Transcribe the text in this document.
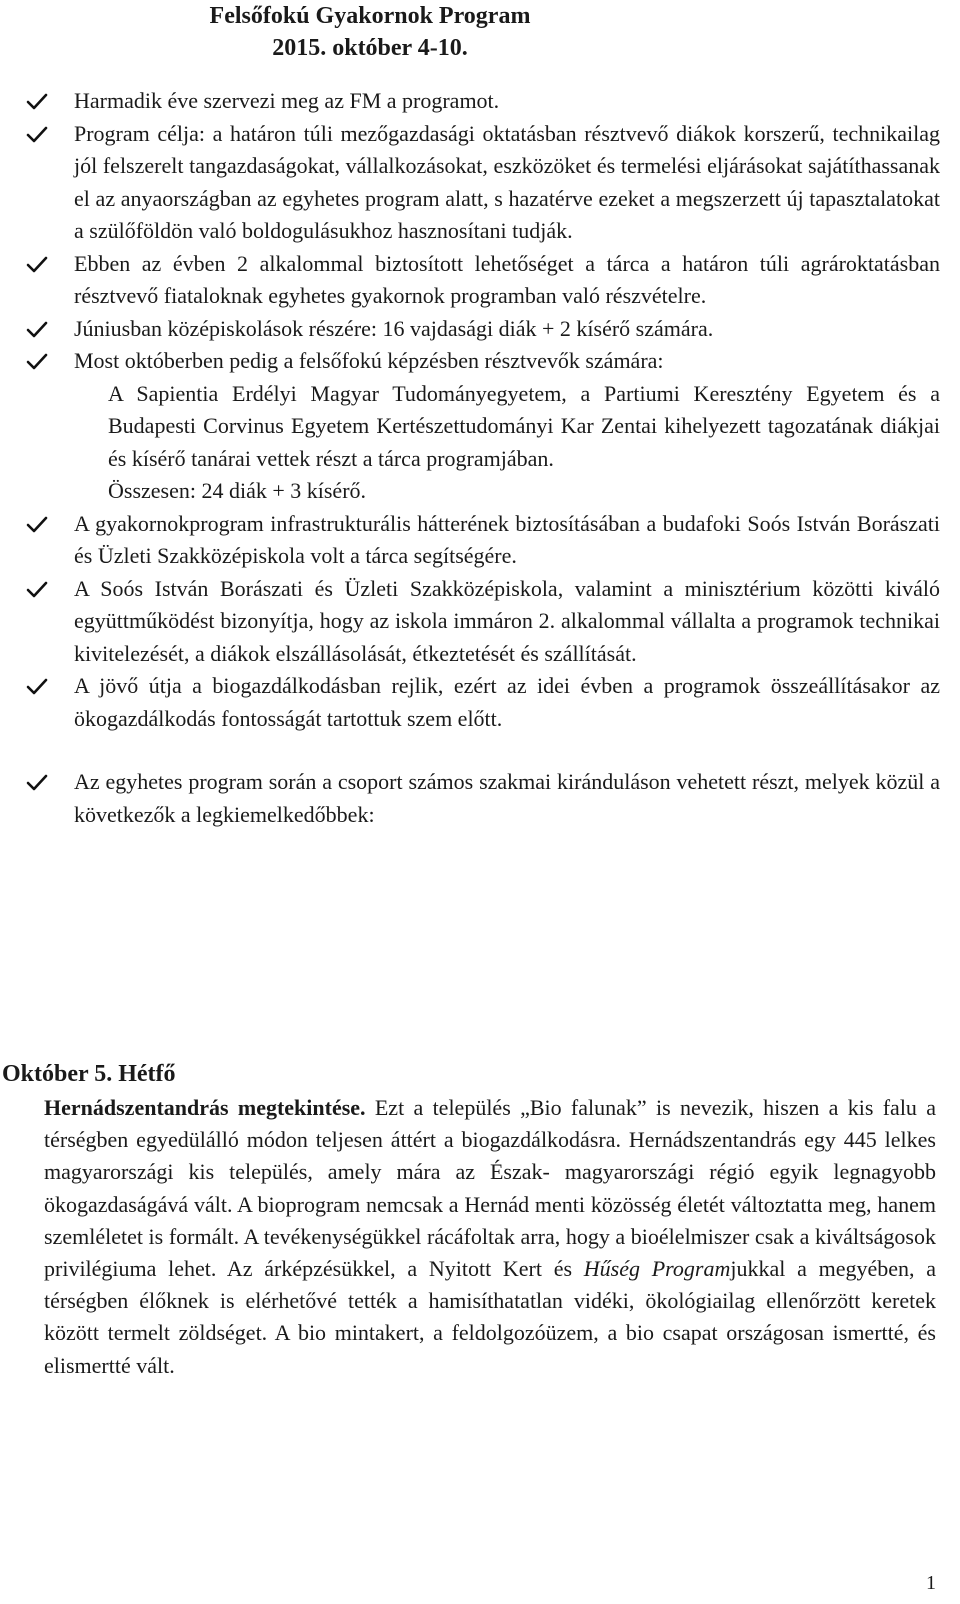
Felsőfokú Gyakornok Program
2015. október 4-10.
Harmadik éve szervezi meg az FM a programot.
Program célja: a határon túli mezőgazdasági oktatásban résztvevő diákok korszerű, technikailag jól felszerelt tangazdaságokat, vállalkozásokat, eszközöket és termelési eljárásokat sajátíthassanak el az anyaországban az egyhetes program alatt, s hazatérve ezeket a megszerzett új tapasztalatokat a szülőföldön való boldogulásukhoz hasznosítani tudják.
Ebben az évben 2 alkalommal biztosított lehetőséget a tárca a határon túli agrároktatásban résztvevő fiataloknak egyhetes gyakornok programban való részvételre.
Júniusban középiskolások részére: 16 vajdasági diák + 2 kísérő számára.
Most októberben pedig a felsőfokú képzésben résztvevők számára:
A Sapientia Erdélyi Magyar Tudományegyetem, a Partiumi Keresztény Egyetem és a Budapesti Corvinus Egyetem Kertészettudományi Kar Zentai kihelyezett tagozatának diákjai és kísérő tanárai vettek részt a tárca programjában.
Összesen: 24 diák + 3 kísérő.
A gyakornokprogram infrastrukturális hátterének biztosításában a budafoki Soós István Borászati és Üzleti Szakközépiskola volt a tárca segítségére.
A Soós István Borászati és Üzleti Szakközépiskola, valamint a minisztérium közötti kiváló együttműködést bizonyítja, hogy az iskola immáron 2. alkalommal vállalta a programok technikai kivitelezését, a diákok elszállásolását, étkeztetését és szállítását.
A jövő útja a biogazdálkodásban rejlik, ezért az idei évben a programok összeállításakor az ökogazdálkodás fontosságát tartottuk szem előtt.
Az egyhetes program során a csoport számos szakmai kiránduláson vehetett részt, melyek közül a következők a legkiemelkedőbbek:
Október 5. Hétfő
Hernádszentandrás megtekintése. Ezt a település „Bio falunak” is nevezik, hiszen a kis falu a térségben egyedülálló módon teljesen áttért a biogazdálkodásra. Hernádszentandrás egy 445 lelkes magyarországi kis település, amely mára az Észak- magyarországi régió egyik legnagyobb ökogazdaságává vált. A bioprogram nemcsak a Hernád menti közösség életét változtatta meg, hanem szemléletet is formált. A tevékenységükkel rácáfoltak arra, hogy a bioélelmiszer csak a kiváltságosok privilégiuma lehet. Az árképzésükkel, a Nyitott Kert és Hűség Programjukkal a megyében, a térségben élőknek is elérhetővé tették a hamisíthatatlan vidéki, ökológiailag ellenőrzött keretek között termelt zöldséget. A bio mintakert, a feldolgozóüzem, a bio csapat országosan ismertté, és elismertté vált.
1
